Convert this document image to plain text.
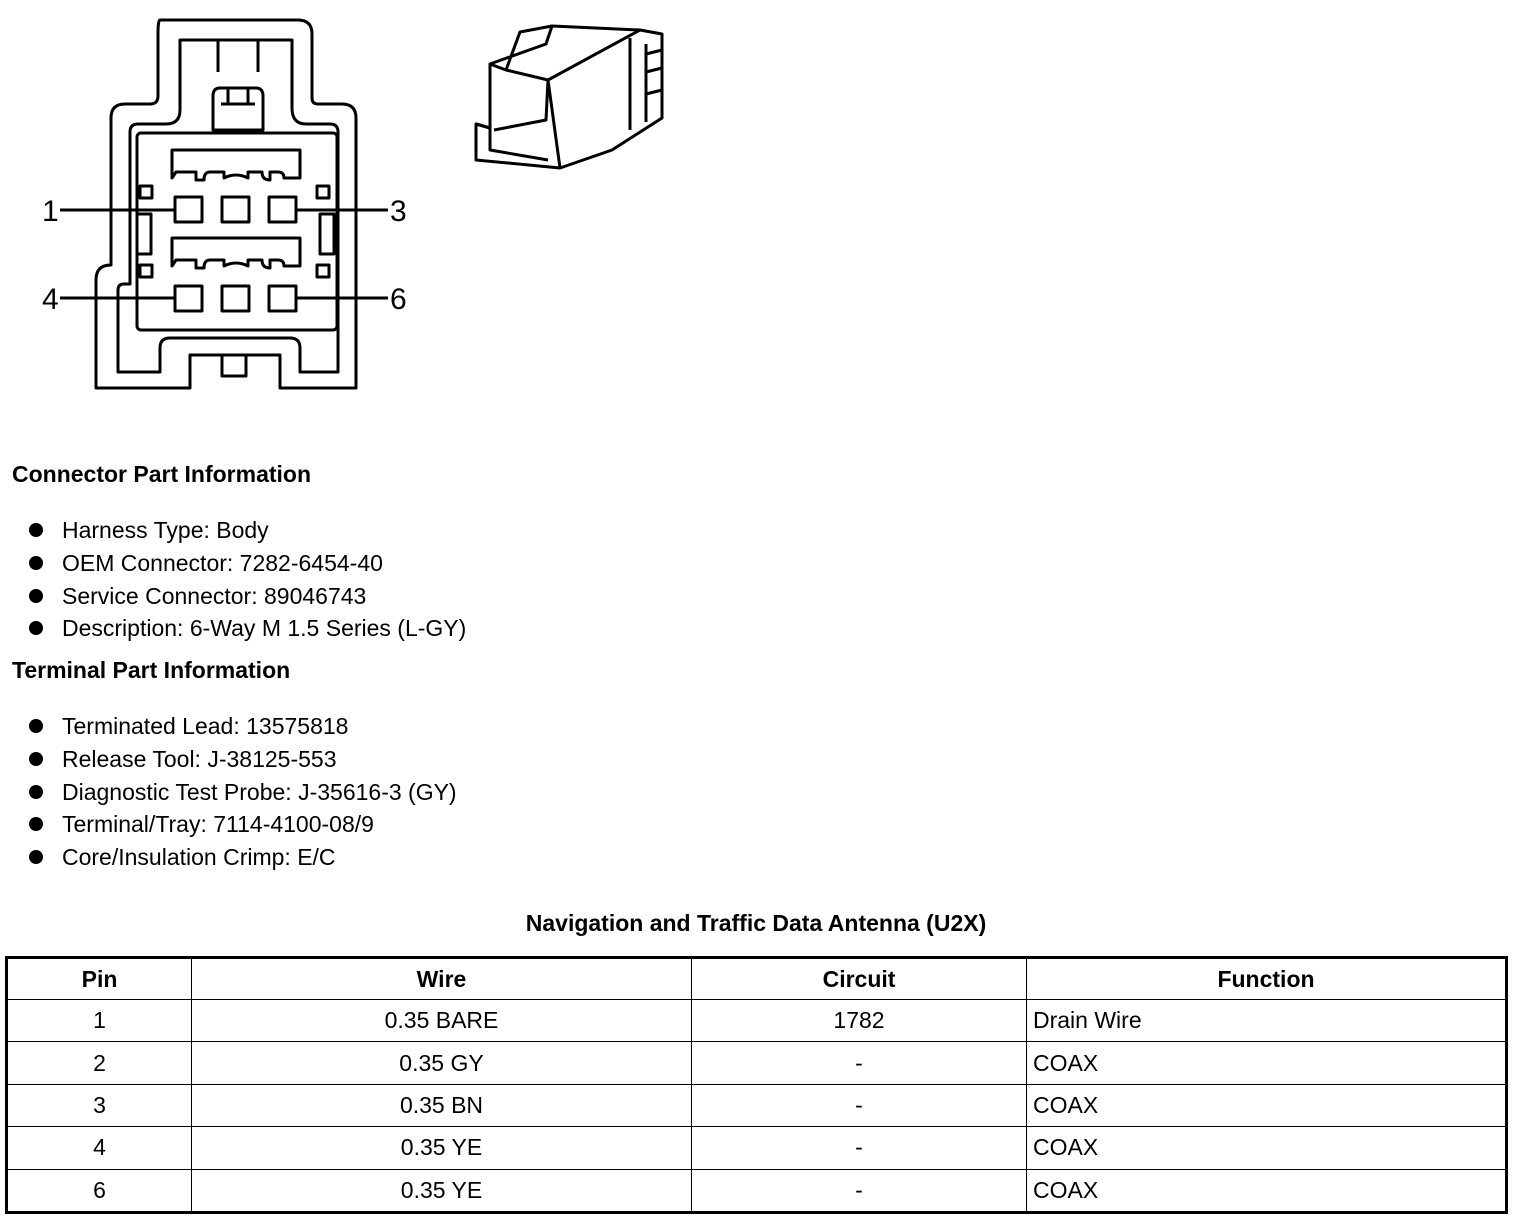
1	3
4	6
Connector Part Information
Harness Type: Body
OEM Connector: 7282-6454-40
Service Connector: 89046743
Description: 6-Way M 1.5 Series (L-GY)
Terminal Part Information
Terminated Lead: 13575818
Release Tool: J-38125-553
Diagnostic Test Probe: J-35616-3 (GY)
Terminal/Tray: 7114-4100-08/9
Core/Insulation Crimp: E/C
Navigation and Traffic Data Antenna (U2X)
Pin	Wire	Circuit	Function
1	0.35 BARE	1782	Drain Wire
2	0.35 GY	-	COAX
3	0.35 BN	-	COAX
4	0.35 YE	-	COAX
6	0.35 YE	-	COAX
